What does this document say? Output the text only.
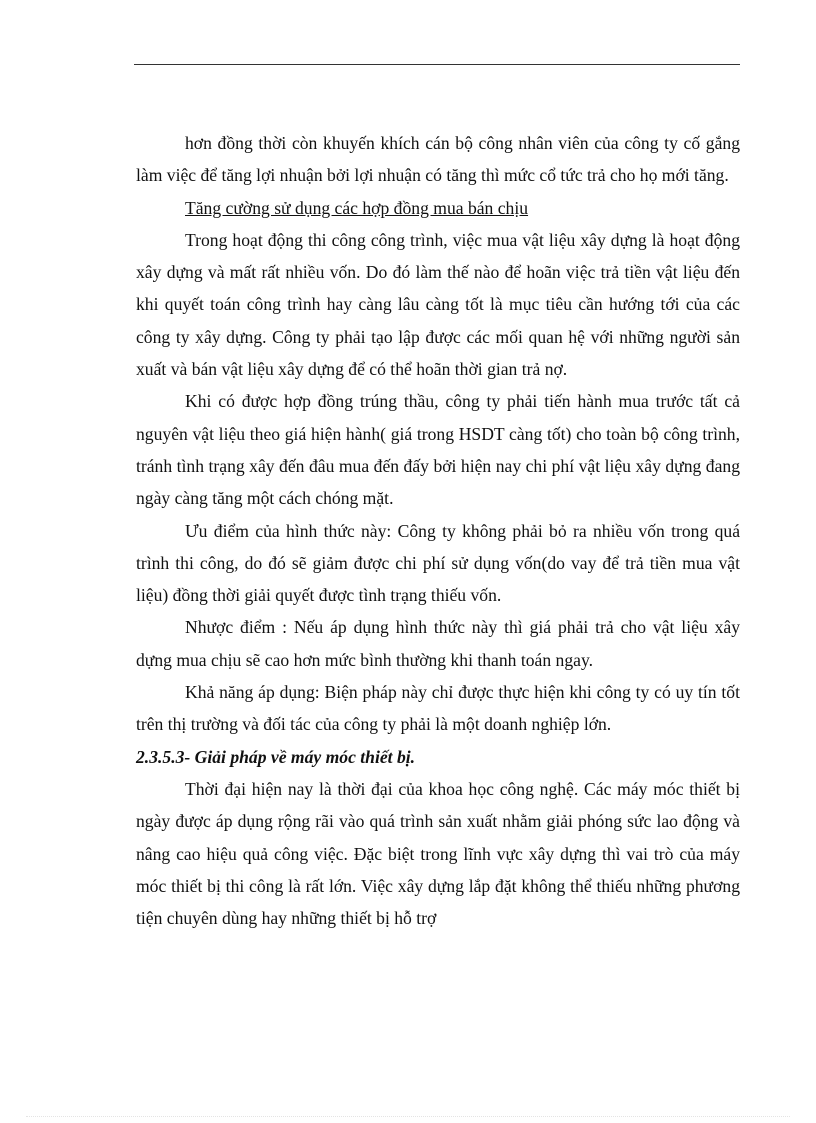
hơn đồng thời còn khuyến khích cán bộ công nhân viên của công ty cố gắng làm việc để tăng lợi nhuận bởi lợi nhuận có tăng thì mức cổ tức trả cho họ mới tăng.

Tăng cường sử dụng các hợp đồng mua bán chịu

Trong hoạt động thi công công trình, việc mua vật liệu xây dựng là hoạt động xây dựng và mất rất nhiều vốn. Do đó làm thế nào để hoãn việc trả tiền vật liệu đến khi quyết toán công trình hay càng lâu càng tốt là mục tiêu cần hướng tới của các công ty xây dựng. Công ty phải tạo lập được các mối quan hệ với những người sản xuất và bán vật liệu xây dựng để có thể hoãn thời gian trả nợ.

Khi có được hợp đồng trúng thầu, công ty phải tiến hành mua trước tất cả nguyên vật liệu theo giá hiện hành( giá trong HSDT càng tốt) cho toàn bộ công trình, tránh tình trạng xây đến đâu mua đến đấy bởi hiện nay chi phí vật liệu xây dựng đang ngày càng tăng một cách chóng mặt.

Ưu điểm của hình thức này: Công ty không phải bỏ ra nhiều vốn trong quá trình thi công, do đó sẽ giảm được chi phí sử dụng vốn(do vay để trả tiền mua vật liệu) đồng thời giải quyết được tình trạng thiếu vốn.

Nhược điểm : Nếu áp dụng hình thức này thì giá phải trả cho vật liệu xây dựng mua chịu sẽ cao hơn mức bình thường khi thanh toán ngay.

Khả năng áp dụng: Biện pháp này chỉ được thực hiện khi công ty có uy tín tốt trên thị trường và đối tác của công ty phải là một doanh nghiệp lớn.

2.3.5.3- Giải pháp về máy móc thiết bị.

Thời đại hiện nay là thời đại của khoa học công nghệ. Các máy móc thiết bị ngày được áp dụng rộng rãi vào quá trình sản xuất nhằm giải phóng sức lao động và nâng cao hiệu quả công việc. Đặc biệt trong lĩnh vực xây dựng thì vai trò của máy móc thiết bị thi công là rất lớn. Việc xây dựng lắp đặt không thể thiếu những phương tiện chuyên dùng hay những thiết bị hỗ trợ
